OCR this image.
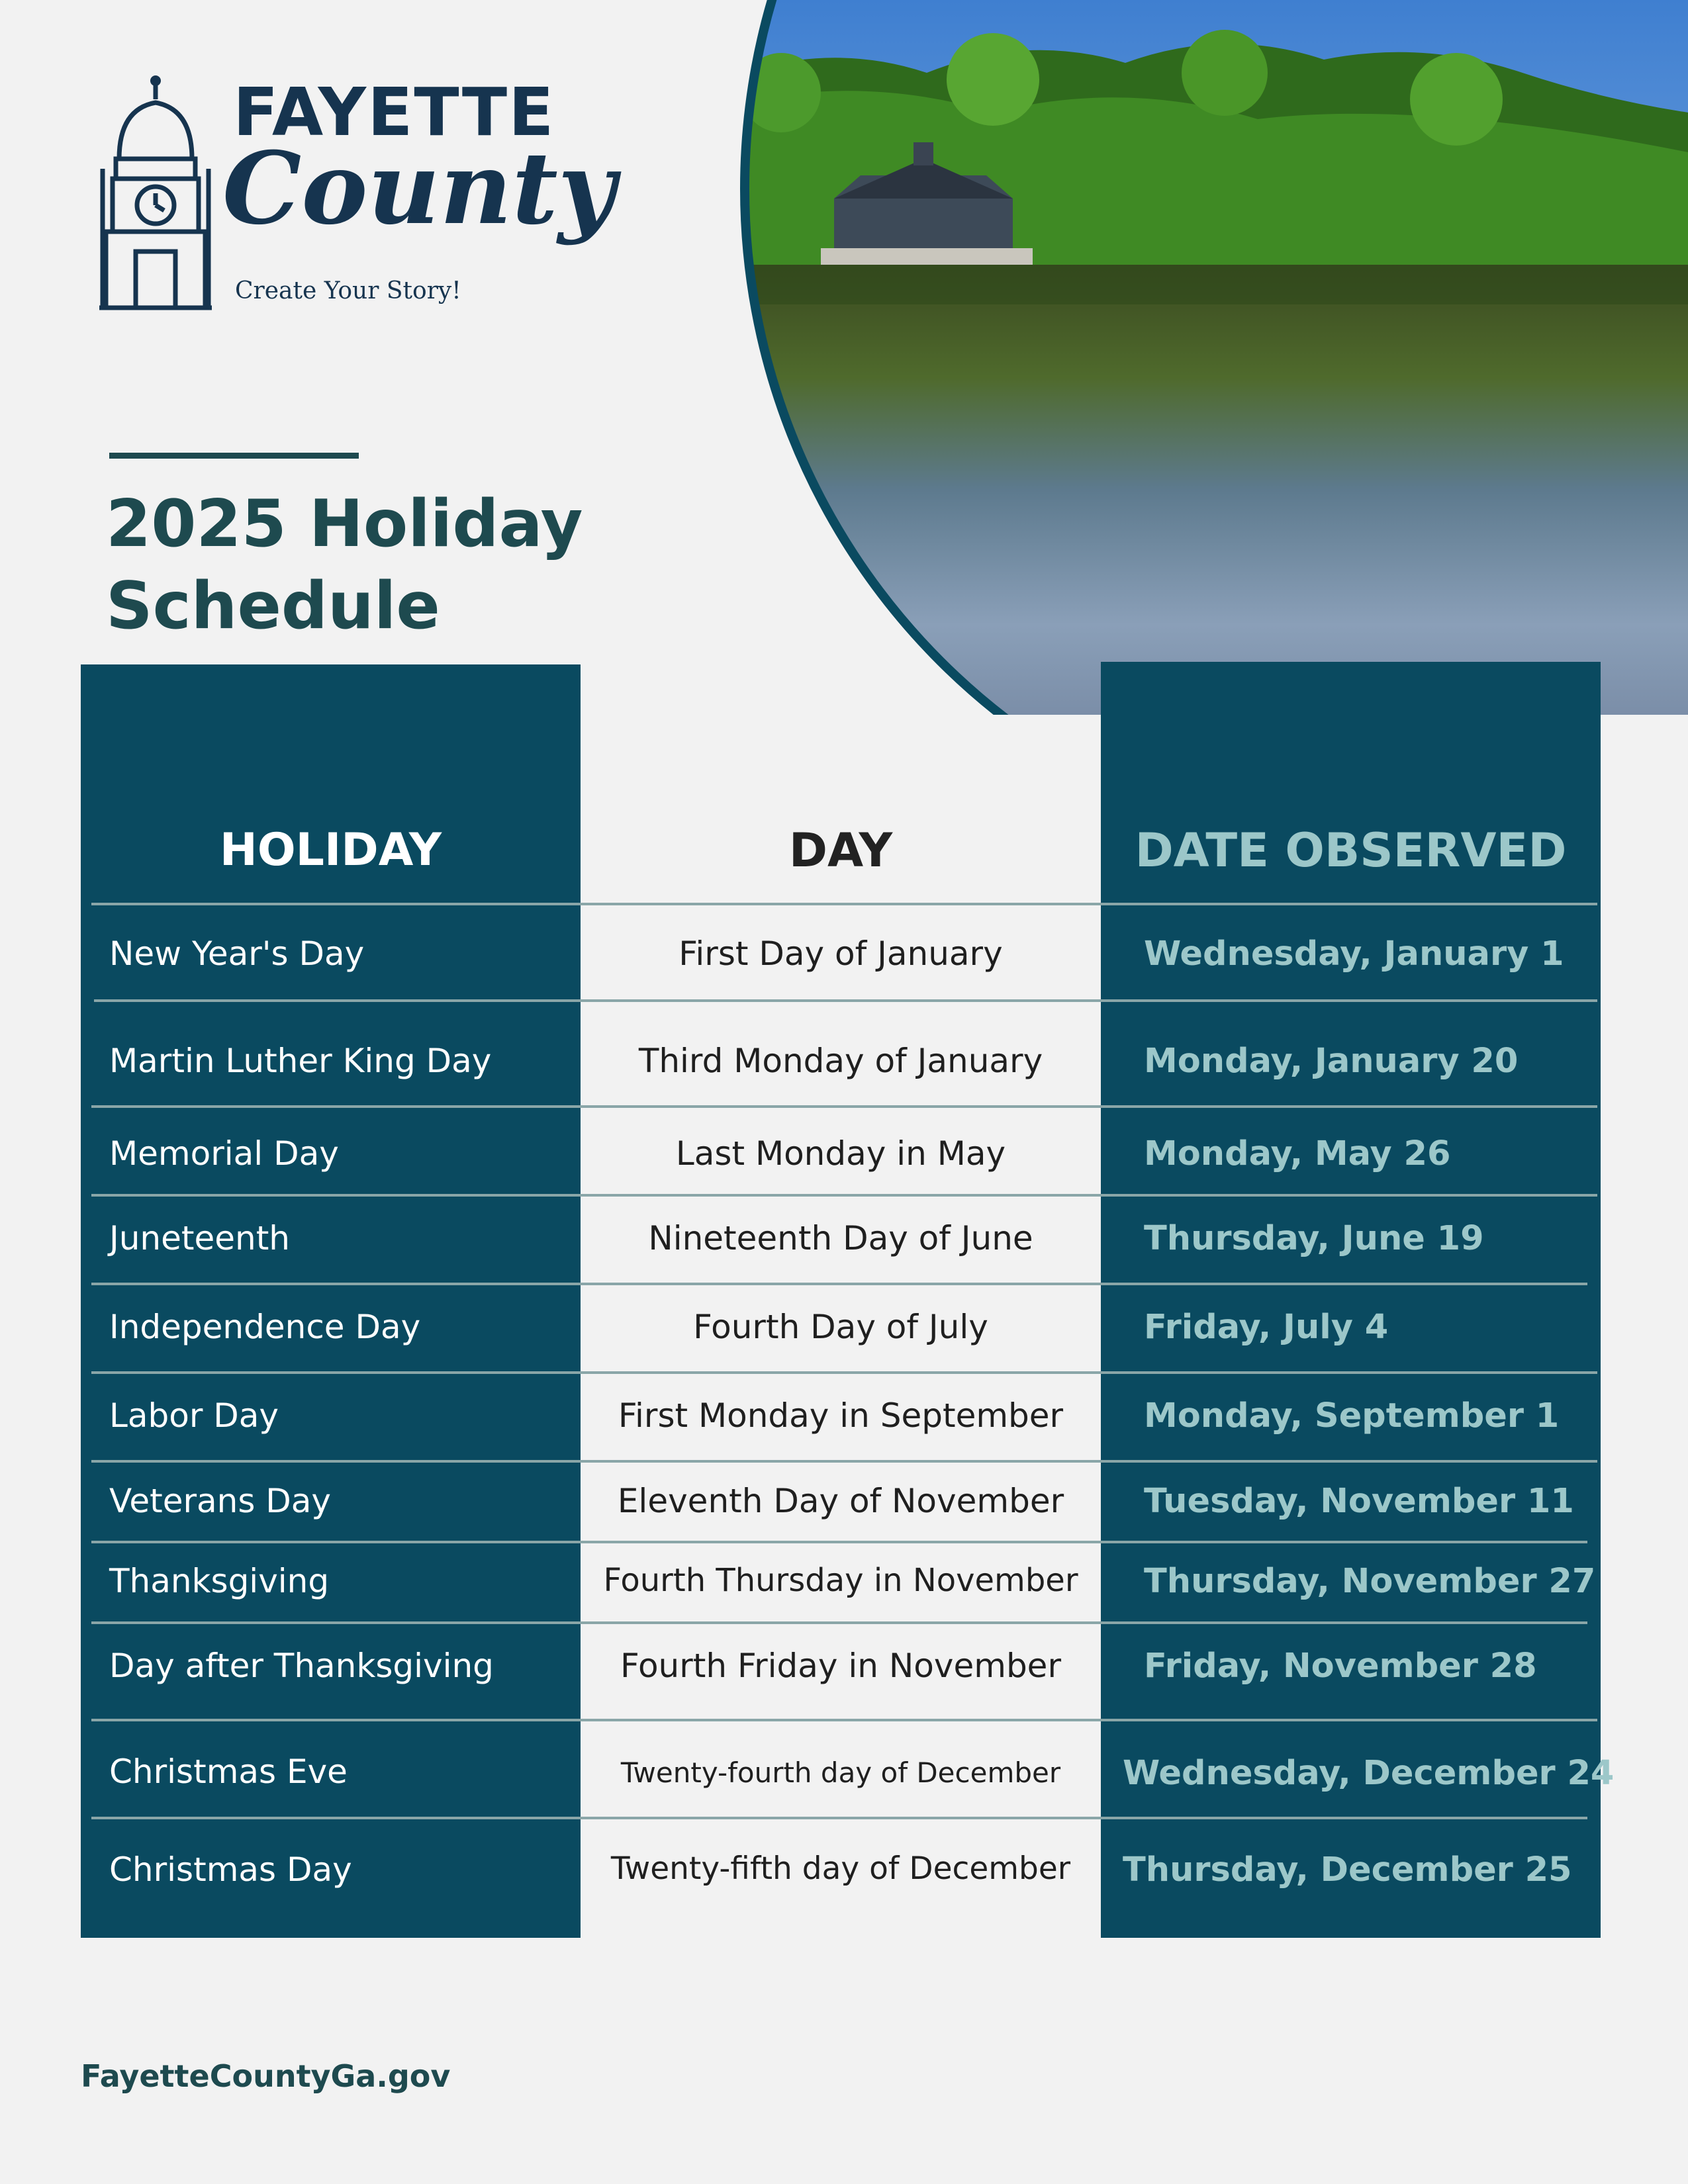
FAYETTE
County
Create Your Story!
2025 Holiday
Schedule
HOLIDAY	DAY	DATE OBSERVED
New Year's Day	First Day of January	Wednesday, January 1
Martin Luther King Day	Third Monday of January	Monday, January 20
Memorial Day	Last Monday in May	Monday, May 26
Juneteenth	Nineteenth Day of June	Thursday, June 19
Independence Day	Fourth Day of July	Friday, July 4
Labor Day	First Monday in September	Monday, September 1
Veterans Day	Eleventh Day of November	Tuesday, November 11
Thanksgiving	Fourth Thursday in November	Thursday, November 27
Day after Thanksgiving	Fourth Friday in November	Friday, November 28
Christmas Eve	Twenty-fourth day of December	Wednesday, December 24
Christmas Day	Twenty-fifth day of December	Thursday, December 25
FayetteCountyGa.gov
